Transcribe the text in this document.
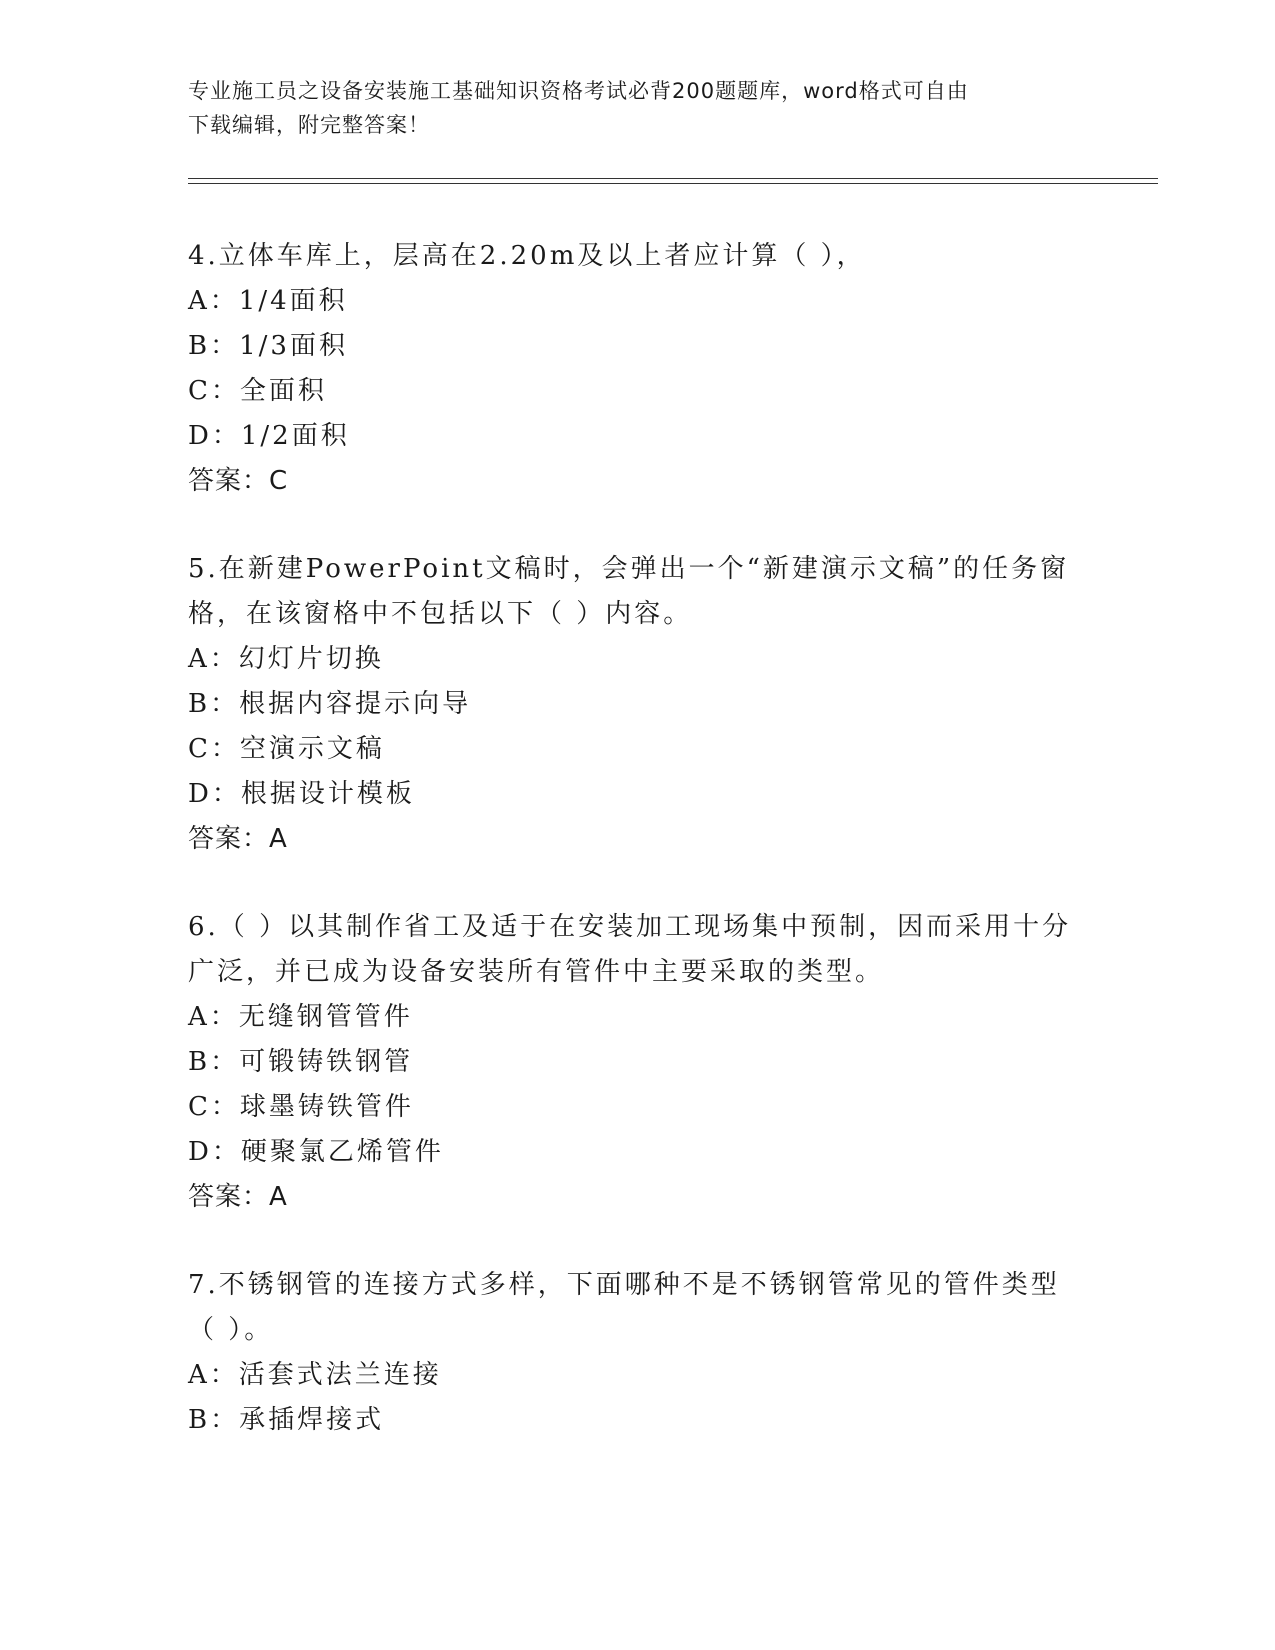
专业施工员之设备安装施工基础知识资格考试必背200题题库，word格式可自由
下载编辑，附完整答案！
4.立体车库上，层高在2.20m及以上者应计算（ ），
A：1/4面积
B：1/3面积
C：全面积
D：1/2面积
答案：C
5.在新建PowerPoint文稿时，会弹出一个“新建演示文稿”的任务窗格，在该窗格中不包括以下（ ）内容。
A：幻灯片切换
B：根据内容提示向导
C：空演示文稿
D：根据设计模板
答案：A
6.（ ）以其制作省工及适于在安装加工现场集中预制，因而采用十分广泛，并已成为设备安装所有管件中主要采取的类型。
A：无缝钢管管件
B：可锻铸铁钢管
C：球墨铸铁管件
D：硬聚氯乙烯管件
答案：A
7.不锈钢管的连接方式多样，下面哪种不是不锈钢管常见的管件类型（ ）。
A：活套式法兰连接
B：承插焊接式
